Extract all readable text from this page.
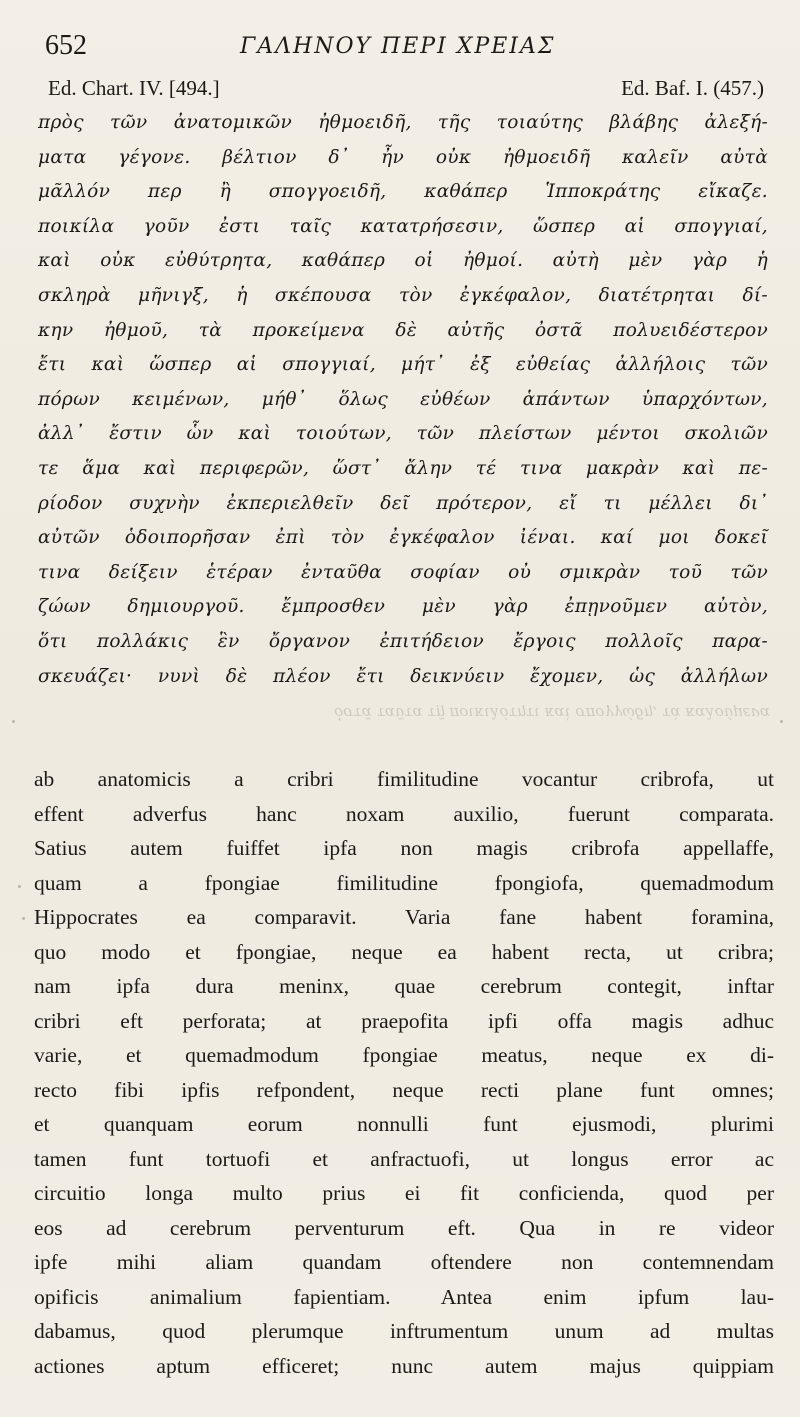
652	ΓΑΛΗΝΟΥ ΠΕΡΙ ΧΡΕΙΑΣ
Ed. Chart. IV. [494.]	Ed. Baf. I. (457.)
πρὸς τῶν ἀνατομικῶν ἠθμοειδῆ, τῆς τοιαύτης βλάβης ἀλεξή-
ματα γέγονε. βέλτιον δ᾽ ἦν οὐκ ἠθμοειδῆ καλεῖν αὐτὰ
μᾶλλόν περ ἢ σπογγοειδῆ, καθάπερ Ἱπποκράτης εἴκαζε.
ποικίλα γοῦν ἐστι ταῖς κατατρήσεσιν, ὥσπερ αἱ σπογγιαί,
καὶ οὐκ εὐθύτρητα, καθάπερ οἱ ἠθμοί. αὐτὴ μὲν γὰρ ἡ
σκληρὰ μῆνιγξ, ἡ σκέπουσα τὸν ἐγκέφαλον, διατέτρηται δί-
κην ἠθμοῦ, τὰ προκείμενα δὲ αὐτῆς ὀστᾶ πολυειδέστερον
ἔτι καὶ ὥσπερ αἱ σπογγιαί, μήτ᾽ ἐξ εὐθείας ἀλλήλοις τῶν
πόρων κειμένων, μήθ᾽ ὅλως εὐθέων ἁπάντων ὑπαρχόντων,
ἀλλ᾽ ἔστιν ὧν καὶ τοιούτων, τῶν πλείστων μέντοι σκολιῶν
τε ἅμα καὶ περιφερῶν, ὥστ᾽ ἄλην τέ τινα μακρὰν καὶ πε-
ρίοδον συχνὴν ἐκπεριελθεῖν δεῖ πρότερον, εἴ τι μέλλει δι᾽
αὐτῶν ὁδοιπορῆσαν ἐπὶ τὸν ἐγκέφαλον ἰέναι. καί μοι δοκεῖ
τινα δείξειν ἑτέραν ἐνταῦθα σοφίαν οὐ σμικρὰν τοῦ τῶν
ζώων δημιουργοῦ. ἔμπροσθεν μὲν γὰρ ἐπῃνοῦμεν αὐτὸν,
ὅτι πολλάκις ἓν ὄργανον ἐπιτήδειον ἔργοις πολλοῖς παρα-
σκευάζει· νυνὶ δὲ πλέον ἔτι δεικνύειν ἔχομεν, ὡς ἀλλήλων
ὀστᾶ ταῦτα τῇ ποικιλότητι καὶ σπογγώδη, τὰ καλούμενα
ab anatomicis a cribri fimilitudine vocantur cribrofa, ut
effent adverfus hanc noxam auxilio, fuerunt comparata.
Satius autem fuiffet ipfa non magis cribrofa appellaffe,
quam a fpongiae fimilitudine fpongiofa, quemadmodum
Hippocrates ea comparavit. Varia fane habent foramina,
quo modo et fpongiae, neque ea habent recta, ut cribra;
nam ipfa dura meninx, quae cerebrum contegit, inftar
cribri eft perforata; at praepofita ipfi offa magis adhuc
varie, et quemadmodum fpongiae meatus, neque ex di-
recto fibi ipfis refpondent, neque recti plane funt omnes;
et quanquam eorum nonnulli funt ejusmodi, plurimi
tamen funt tortuofi et anfractuofi, ut longus error ac
circuitio longa multo prius ei fit conficienda, quod per
eos ad cerebrum perventurum eft. Qua in re videor
ipfe mihi aliam quandam oftendere non contemnendam
opificis animalium fapientiam. Antea enim ipfum lau-
dabamus, quod plerumque inftrumentum unum ad multas
actiones aptum efficeret; nunc autem majus quippiam
